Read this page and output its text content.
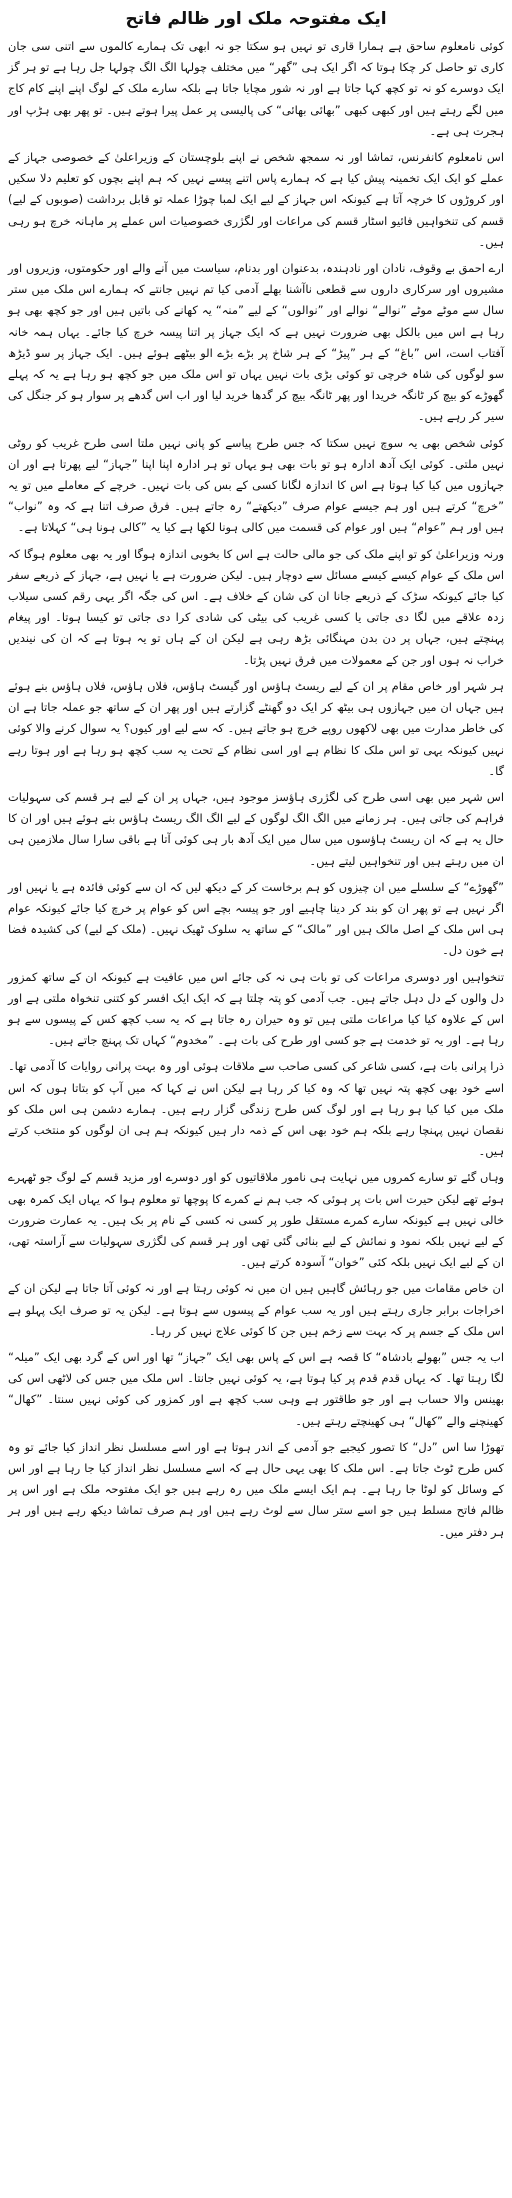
ایک مفتوحہ ملک اور ظالم فاتح

کوئی نامعلوم ساحق ہے ہمارا قاری تو نہیں ہو سکتا جو نہ ابھی تک ہمارے کالموں سے اتنی سی جان کاری تو حاصل کر چکا ہوتا کہ اگر ایک ہی ”گھر“ میں مختلف چولہا الگ الگ چولہا جل رہا ہے تو ہر گز ایک دوسرے کو نہ تو کچھ کہا جاتا ہے اور نہ شور مچایا جاتا ہے بلکہ سارے ملک کے لوگ اپنے اپنے کام کاج میں لگے رہتے ہیں اور کبھی کبھی ”بھائی بھائی“ کی پالیسی پر عمل پیرا ہوتے ہیں۔ تو پھر بھی ہڑپ اور ہجرت ہی ہے۔

اس نامعلوم کانفرنس، تماشا اور نہ سمجھ شخص نے اپنے بلوچستان کے وزیراعلیٰ کے خصوصی جہاز کے عملے کو ایک ایک تخمینہ پیش کیا ہے کہ ہمارے پاس اتنے پیسے نہیں کہ ہم اپنے بچوں کو تعلیم دلا سکیں اور کروڑوں کا خرچہ آتا ہے کیونکہ اس جہاز کے لیے ایک لمبا چوڑا عملہ تو قابل برداشت (صوبوں کے لیے) قسم کی تنخواہیں فائیو اسٹار قسم کی مراعات اور لگژری خصوصیات اس عملے پر ماہانہ خرچ ہو رہی ہیں۔

ارے احمق بے وقوف، نادان اور نادہندہ، بدعنوان اور بدنام، سیاست میں آنے والے اور حکومتوں، وزیروں اور مشیروں اور سرکاری داروں سے قطعی ناآشنا بھلے آدمی کیا تم نہیں جانتے کہ ہمارے اس ملک میں ستر سال سے موٹے موٹے ”نوالے“ نوالے اور ”نوالوں“ کے لیے ”منہ“ یہ کھانے کی باتیں ہیں اور جو کچھ بھی ہو رہا ہے اس میں بالکل بھی ضرورت نہیں ہے کہ ایک جہاز پر اتنا پیسہ خرچ کیا جائے۔ یہاں ہمہ خانہ آفتاب است، اس ”باغ“ کے ہر ”پیڑ“ کے ہر شاخ پر بڑے بڑے الو بیٹھے ہوئے ہیں۔ ایک جہاز پر سو ڈیڑھ سو لوگوں کی شاہ خرچی تو کوئی بڑی بات نہیں یہاں تو اس ملک میں جو کچھ ہو رہا ہے یہ کہ پہلے گھوڑے کو بیچ کر ٹانگہ خریدا اور پھر ٹانگہ بیچ کر گدھا خرید لیا اور اب اس گدھے پر سوار ہو کر جنگل کی سیر کر رہے ہیں۔

کوئی شخص بھی یہ سوچ نہیں سکتا کہ جس طرح پیاسے کو پانی نہیں ملتا اسی طرح غریب کو روٹی نہیں ملتی۔ کوئی ایک آدھ ادارہ ہو تو بات بھی ہو یہاں تو ہر ادارہ اپنا اپنا ”جہاز“ لیے پھرتا ہے اور ان جہازوں میں کیا کیا ہوتا ہے اس کا اندازہ لگانا کسی کے بس کی بات نہیں۔ خرچے کے معاملے میں تو یہ ”خرچ“ کرتے ہیں اور ہم جیسے عوام صرف ”دیکھتے“ رہ جاتے ہیں۔ فرق صرف اتنا ہے کہ وہ ”نواب“ ہیں اور ہم ”عوام“ ہیں اور عوام کی قسمت میں کالی ہونا لکھا ہے کیا یہ ”کالی ہونا ہی“ کہلاتا ہے۔

ورنہ وزیراعلیٰ کو تو اپنے ملک کی جو مالی حالت ہے اس کا بخوبی اندازہ ہوگا اور یہ بھی معلوم ہوگا کہ اس ملک کے عوام کیسے کیسے مسائل سے دوچار ہیں۔ لیکن ضرورت ہے یا نہیں ہے، جہاز کے ذریعے سفر کیا جائے کیونکہ سڑک کے ذریعے جانا ان کی شان کے خلاف ہے۔ اس کی جگہ اگر یہی رقم کسی سیلاب زدہ علاقے میں لگا دی جاتی یا کسی غریب کی بیٹی کی شادی کرا دی جاتی تو کیسا ہوتا۔ اور پیغام پہنچتے ہیں، جہاں پر دن بدن مہنگائی بڑھ رہی ہے لیکن ان کے ہاں تو یہ ہوتا ہے کہ ان کی نیندیں خراب نہ ہوں اور جن کے معمولات میں فرق نہیں پڑتا۔

ہر شہر اور خاص مقام پر ان کے لیے ریسٹ ہاؤس اور گیسٹ ہاؤس، فلاں ہاؤس، فلاں ہاؤس بنے ہوئے ہیں جہاں ان میں جہازوں ہی بیٹھ کر ایک دو گھنٹے گزارتے ہیں اور پھر ان کے ساتھ جو عملہ جاتا ہے ان کی خاطر مدارت میں بھی لاکھوں روپے خرچ ہو جاتے ہیں۔ کہ سے لیے اور کیوں؟ یہ سوال کرنے والا کوئی نہیں کیونکہ یہی تو اس ملک کا نظام ہے اور اسی نظام کے تحت یہ سب کچھ ہو رہا ہے اور ہوتا رہے گا۔

اس شہر میں بھی اسی طرح کی لگژری ہاؤسز موجود ہیں، جہاں پر ان کے لیے ہر قسم کی سہولیات فراہم کی جاتی ہیں۔ ہر زمانے میں الگ الگ لوگوں کے لیے الگ الگ ریسٹ ہاؤس بنے ہوئے ہیں اور ان کا حال یہ ہے کہ ان ریسٹ ہاؤسوں میں سال میں ایک آدھ بار ہی کوئی آتا ہے باقی سارا سال ملازمین ہی ان میں رہتے ہیں اور تنخواہیں لیتے ہیں۔

”گھوڑے“ کے سلسلے میں ان چیزوں کو ہم برخاست کر کے دیکھ لیں کہ ان سے کوئی فائدہ ہے یا نہیں اور اگر نہیں ہے تو پھر ان کو بند کر دینا چاہیے اور جو پیسہ بچے اس کو عوام پر خرچ کیا جائے کیونکہ عوام ہی اس ملک کے اصل مالک ہیں اور ”مالک“ کے ساتھ یہ سلوک ٹھیک نہیں۔ (ملک کے لیے) کی کشیدہ فضا ہے خون دل۔

تنخواہیں اور دوسری مراعات کی تو بات ہی نہ کی جائے اس میں عافیت ہے کیونکہ ان کے ساتھ کمزور دل والوں کے دل دہل جاتے ہیں۔ جب آدمی کو پتہ چلتا ہے کہ ایک ایک افسر کو کتنی تنخواہ ملتی ہے اور اس کے علاوہ کیا کیا مراعات ملتی ہیں تو وہ حیران رہ جاتا ہے کہ یہ سب کچھ کس کے پیسوں سے ہو رہا ہے۔ اور یہ تو خدمت ہے جو کسی اور طرح کی بات ہے۔ ”مخدوم“ کہاں تک پہنچ جاتے ہیں۔

ذرا پرانی بات ہے، کسی شاعر کی کسی صاحب سے ملاقات ہوئی اور وہ بہت پرانی روایات کا آدمی تھا۔ اسے خود بھی کچھ پتہ نہیں تھا کہ وہ کیا کر رہا ہے لیکن اس نے کہا کہ میں آپ کو بتاتا ہوں کہ اس ملک میں کیا کیا ہو رہا ہے اور لوگ کس طرح زندگی گزار رہے ہیں۔ ہمارے دشمن ہی اس ملک کو نقصان نہیں پہنچا رہے بلکہ ہم خود بھی اس کے ذمہ دار ہیں کیونکہ ہم ہی ان لوگوں کو منتخب کرتے ہیں۔

وہاں گئے تو سارے کمروں میں نہایت ہی نامور ملاقاتیوں کو اور دوسرے اور مزید قسم کے لوگ جو ٹھہرے ہوئے تھے لیکن حیرت اس بات پر ہوئی کہ جب ہم نے کمرے کا پوچھا تو معلوم ہوا کہ یہاں ایک کمرہ بھی خالی نہیں ہے کیونکہ سارے کمرے مستقل طور پر کسی نہ کسی کے نام پر بک ہیں۔ یہ عمارت ضرورت کے لیے نہیں بلکہ نمود و نمائش کے لیے بنائی گئی تھی اور ہر قسم کی لگژری سہولیات سے آراستہ تھی، ان کے لیے ایک نہیں بلکہ کئی ”خوان“ آسودہ کرتے ہیں۔

ان خاص مقامات میں جو رہائش گاہیں ہیں ان میں نہ کوئی رہتا ہے اور نہ کوئی آتا جاتا ہے لیکن ان کے اخراجات برابر جاری رہتے ہیں اور یہ سب عوام کے پیسوں سے ہوتا ہے۔ لیکن یہ تو صرف ایک پہلو ہے اس ملک کے جسم پر کہ بہت سے زخم ہیں جن کا کوئی علاج نہیں کر رہا۔

اب یہ جس ”بھولے بادشاہ“ کا قصہ ہے اس کے پاس بھی ایک ”جہاز“ تھا اور اس کے گرد بھی ایک ”میلہ“ لگا رہتا تھا۔ کہ یہاں قدم قدم پر کیا ہوتا ہے، یہ کوئی نہیں جانتا۔ اس ملک میں جس کی لاٹھی اس کی بھینس والا حساب ہے اور جو طاقتور ہے وہی سب کچھ ہے اور کمزور کی کوئی نہیں سنتا۔ ”کھال“ کھینچنے والے ”کھال“ ہی کھینچتے رہتے ہیں۔

تھوڑا سا اس ”دل“ کا تصور کیجیے جو آدمی کے اندر ہوتا ہے اور اسے مسلسل نظر انداز کیا جائے تو وہ کس طرح ٹوٹ جاتا ہے۔ اس ملک کا بھی یہی حال ہے کہ اسے مسلسل نظر انداز کیا جا رہا ہے اور اس کے وسائل کو لوٹا جا رہا ہے۔ ہم ایک ایسے ملک میں رہ رہے ہیں جو ایک مفتوحہ ملک ہے اور اس پر ظالم فاتح مسلط ہیں جو اسے ستر سال سے لوٹ رہے ہیں اور ہم صرف تماشا دیکھ رہے ہیں اور ہر ہر دفتر میں۔
